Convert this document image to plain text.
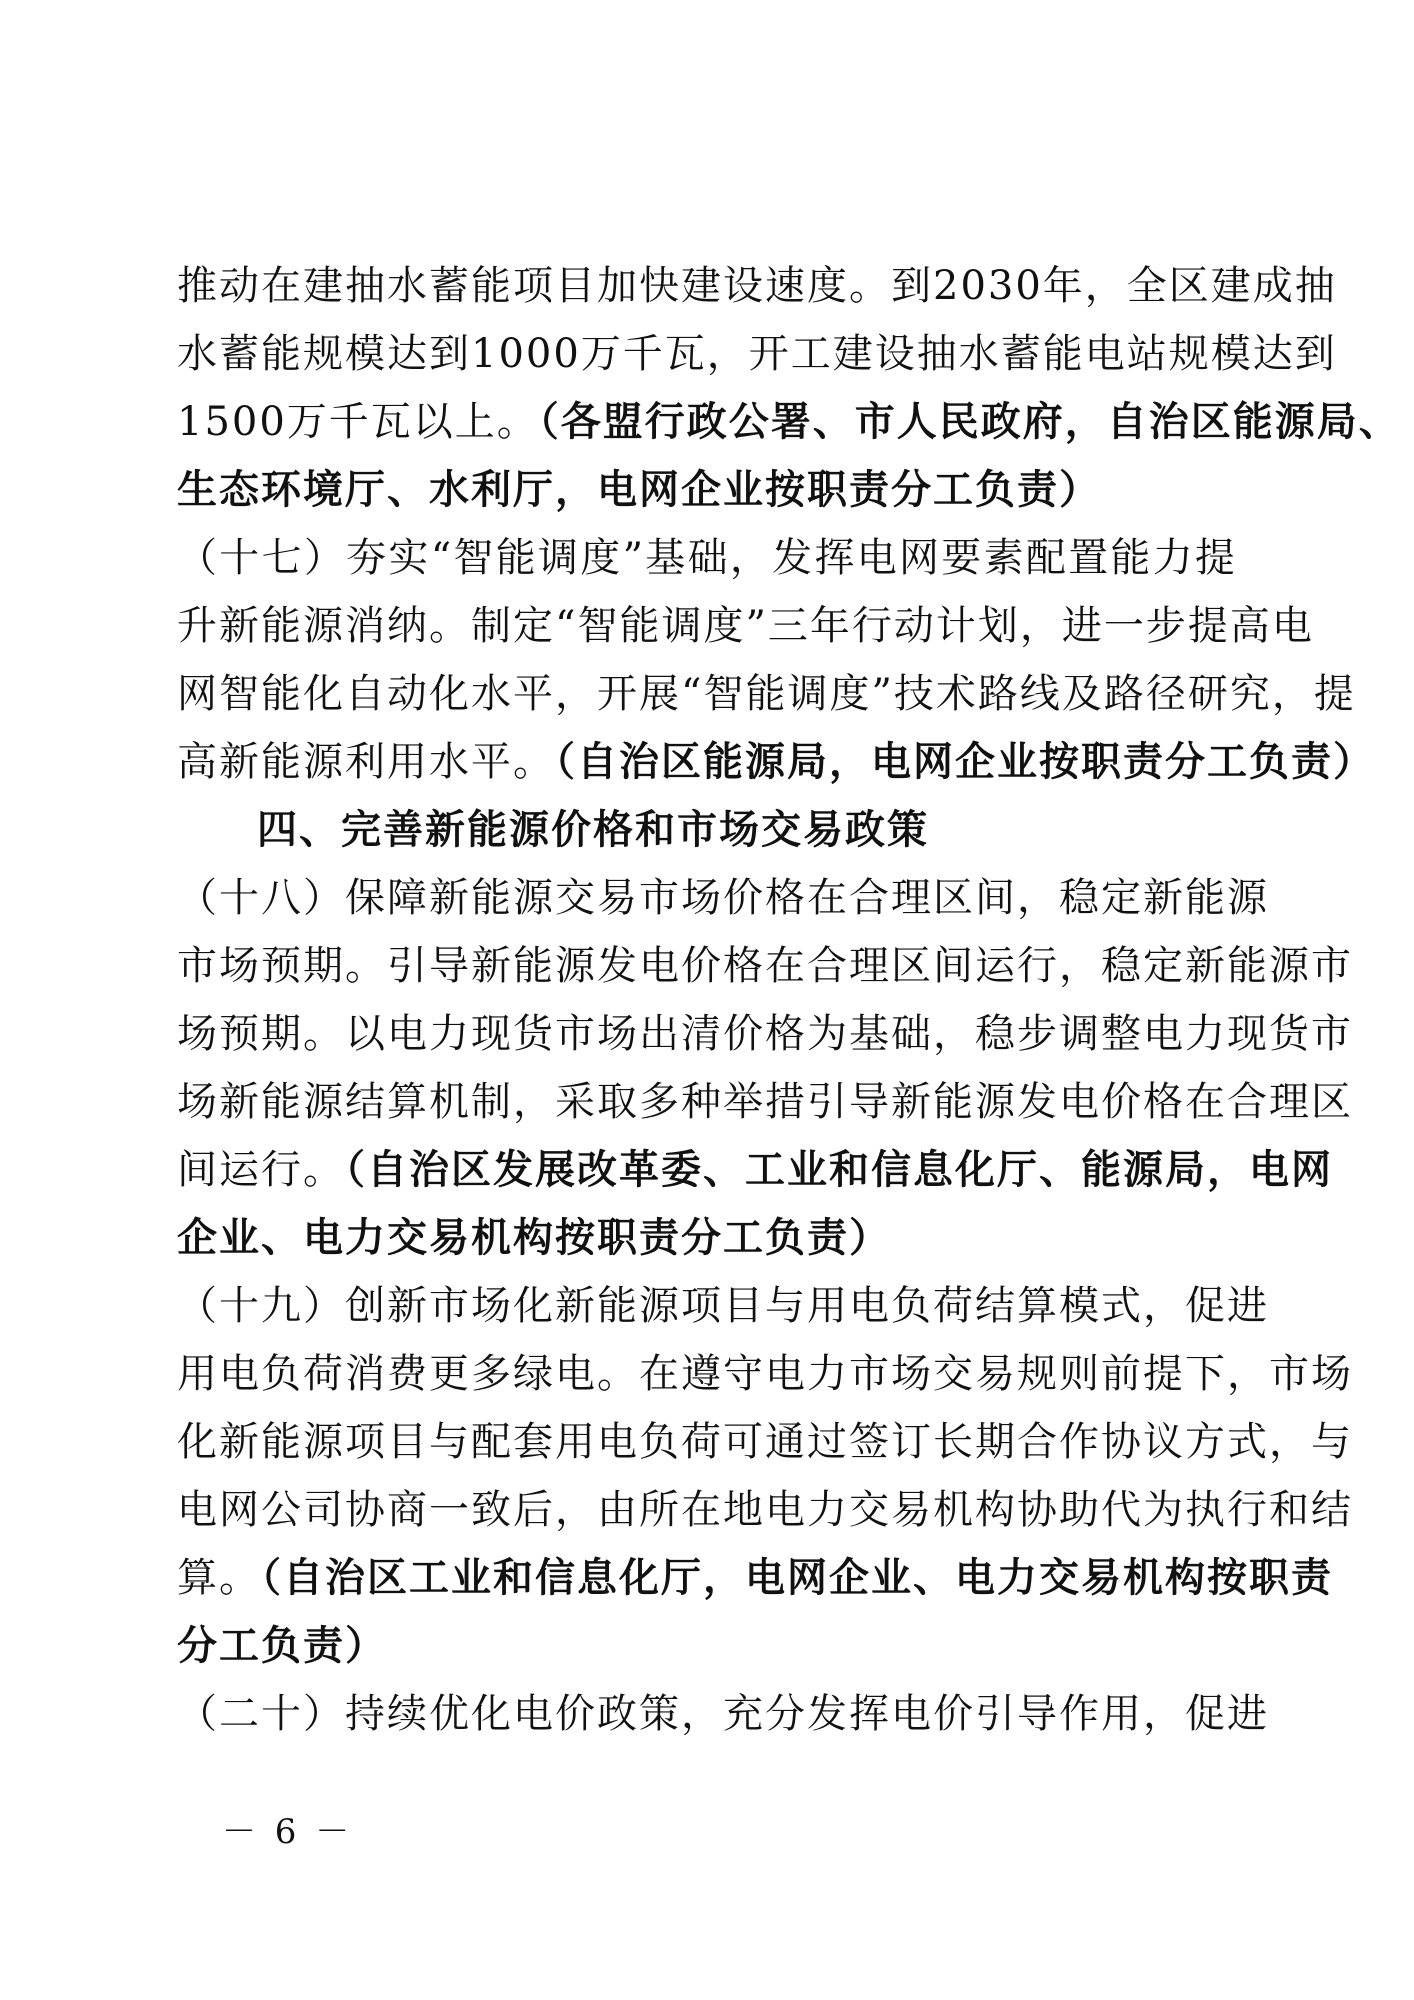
推动在建抽水蓄能项目加快建设速度。到2030年，全区建成抽
水蓄能规模达到1000万千瓦，开工建设抽水蓄能电站规模达到
1500万千瓦以上。（各盟行政公署、市人民政府，自治区能源局、
生态环境厅、水利厅，电网企业按职责分工负责）
（十七）夯实“智能调度”基础，发挥电网要素配置能力提
升新能源消纳。制定“智能调度”三年行动计划，进一步提高电
网智能化自动化水平，开展“智能调度”技术路线及路径研究，提
高新能源利用水平。（自治区能源局，电网企业按职责分工负责）
四、完善新能源价格和市场交易政策
（十八）保障新能源交易市场价格在合理区间，稳定新能源
市场预期。引导新能源发电价格在合理区间运行，稳定新能源市
场预期。以电力现货市场出清价格为基础，稳步调整电力现货市
场新能源结算机制，采取多种举措引导新能源发电价格在合理区
间运行。（自治区发展改革委、工业和信息化厅、能源局，电网
企业、电力交易机构按职责分工负责）
（十九）创新市场化新能源项目与用电负荷结算模式，促进
用电负荷消费更多绿电。在遵守电力市场交易规则前提下，市场
化新能源项目与配套用电负荷可通过签订长期合作协议方式，与
电网公司协商一致后，由所在地电力交易机构协助代为执行和结
算。（自治区工业和信息化厅，电网企业、电力交易机构按职责
分工负责）
（二十）持续优化电价政策，充分发挥电价引导作用，促进
－ 6 －
